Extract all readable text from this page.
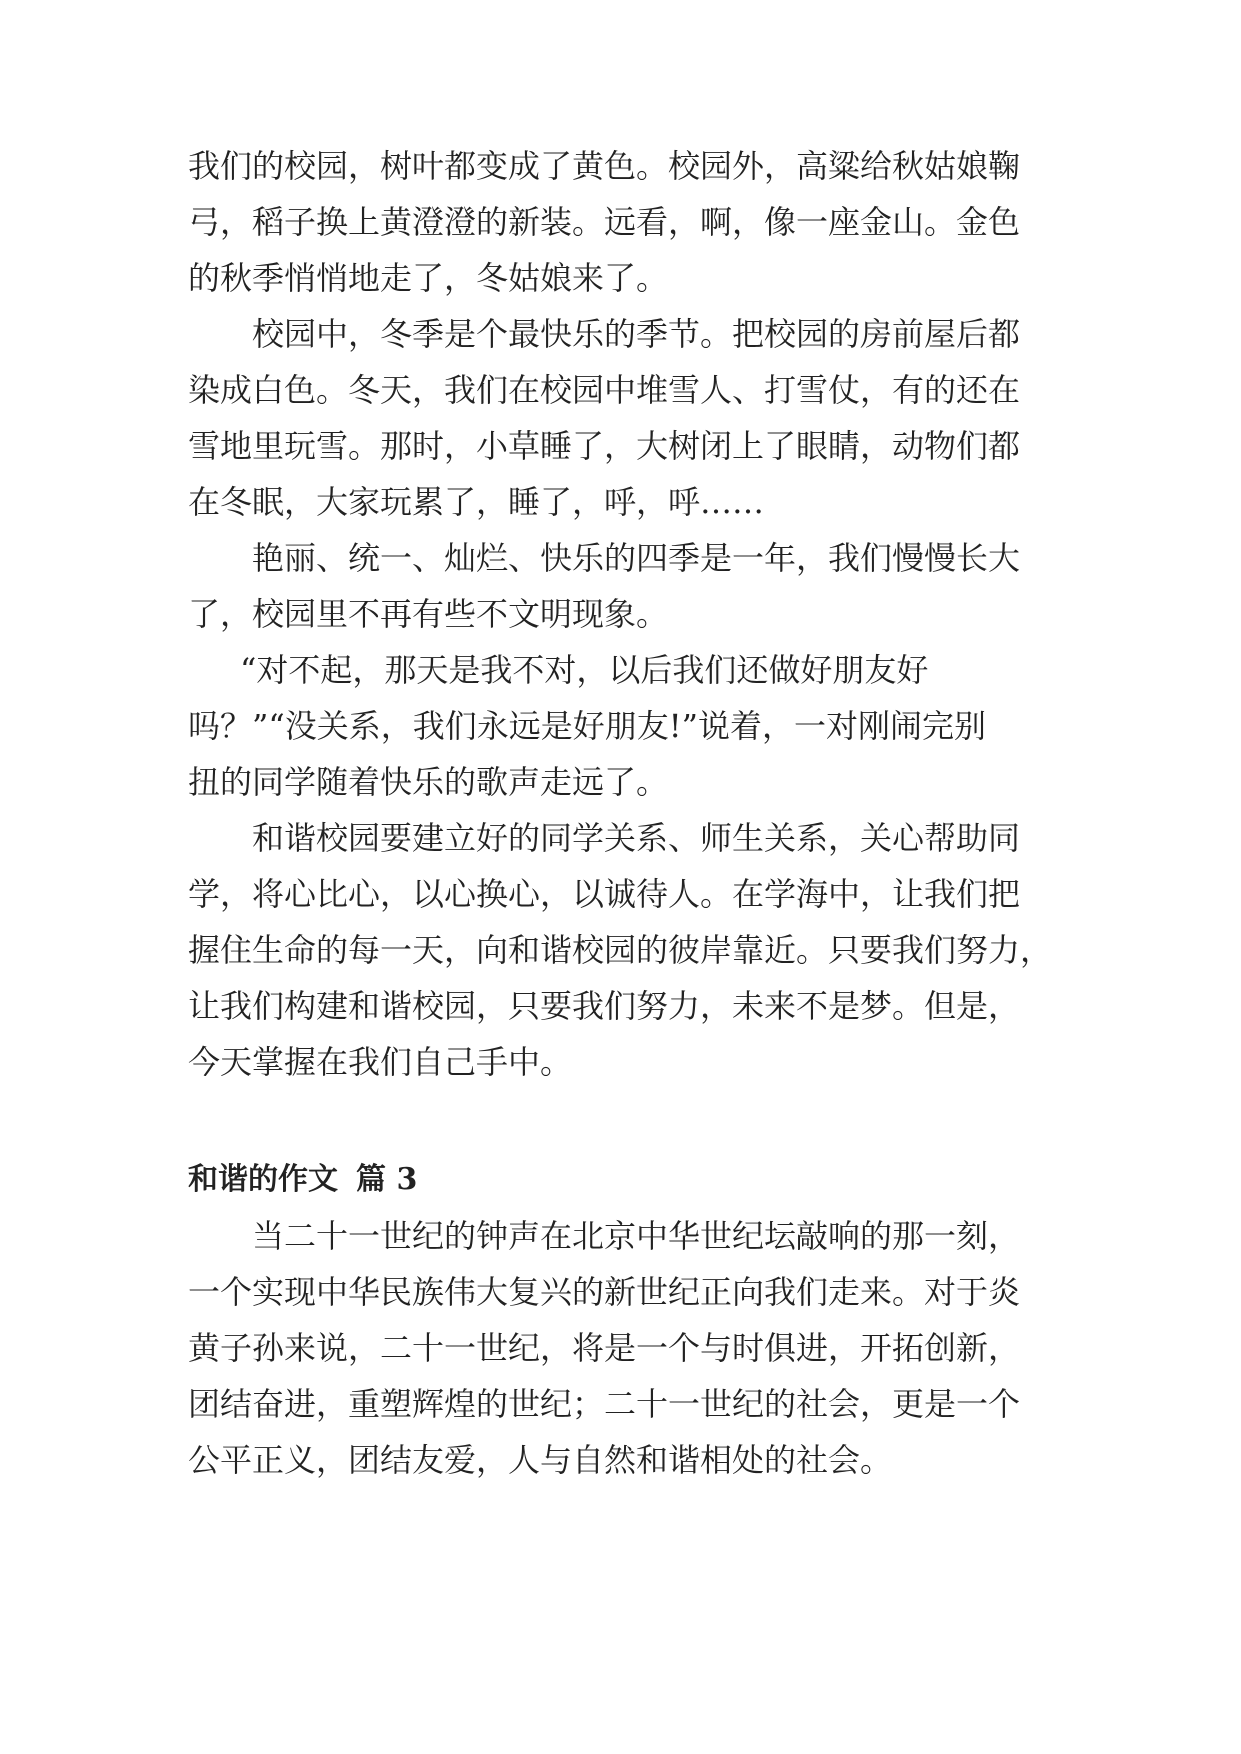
我们的校园，树叶都变成了黄色。校园外，高粱给秋姑娘鞠

弓，稻子换上黄澄澄的新装。远看，啊，像一座金山。金色

的秋季悄悄地走了，冬姑娘来了。

校园中，冬季是个最快乐的季节。把校园的房前屋后都

染成白色。冬天，我们在校园中堆雪人、打雪仗，有的还在

雪地里玩雪。那时，小草睡了，大树闭上了眼睛，动物们都

在冬眠，大家玩累了，睡了，呼，呼……

艳丽、统一、灿烂、快乐的四季是一年，我们慢慢长大

了，校园里不再有些不文明现象。

“对不起，那天是我不对，以后我们还做好朋友好

吗？”“没关系，我们永远是好朋友!”说着，一对刚闹完别

扭的同学随着快乐的歌声走远了。

和谐校园要建立好的同学关系、师生关系，关心帮助同

学，将心比心，以心换心，以诚待人。在学海中，让我们把

握住生命的每一天，向和谐校园的彼岸靠近。只要我们努力，

让我们构建和谐校园，只要我们努力，未来不是梦。但是，

今天掌握在我们自己手中。

和谐的作文 篇 3

当二十一世纪的钟声在北京中华世纪坛敲响的那一刻，

一个实现中华民族伟大复兴的新世纪正向我们走来。对于炎

黄子孙来说，二十一世纪，将是一个与时俱进，开拓创新，

团结奋进，重塑辉煌的世纪；二十一世纪的社会，更是一个

公平正义，团结友爱，人与自然和谐相处的社会。
